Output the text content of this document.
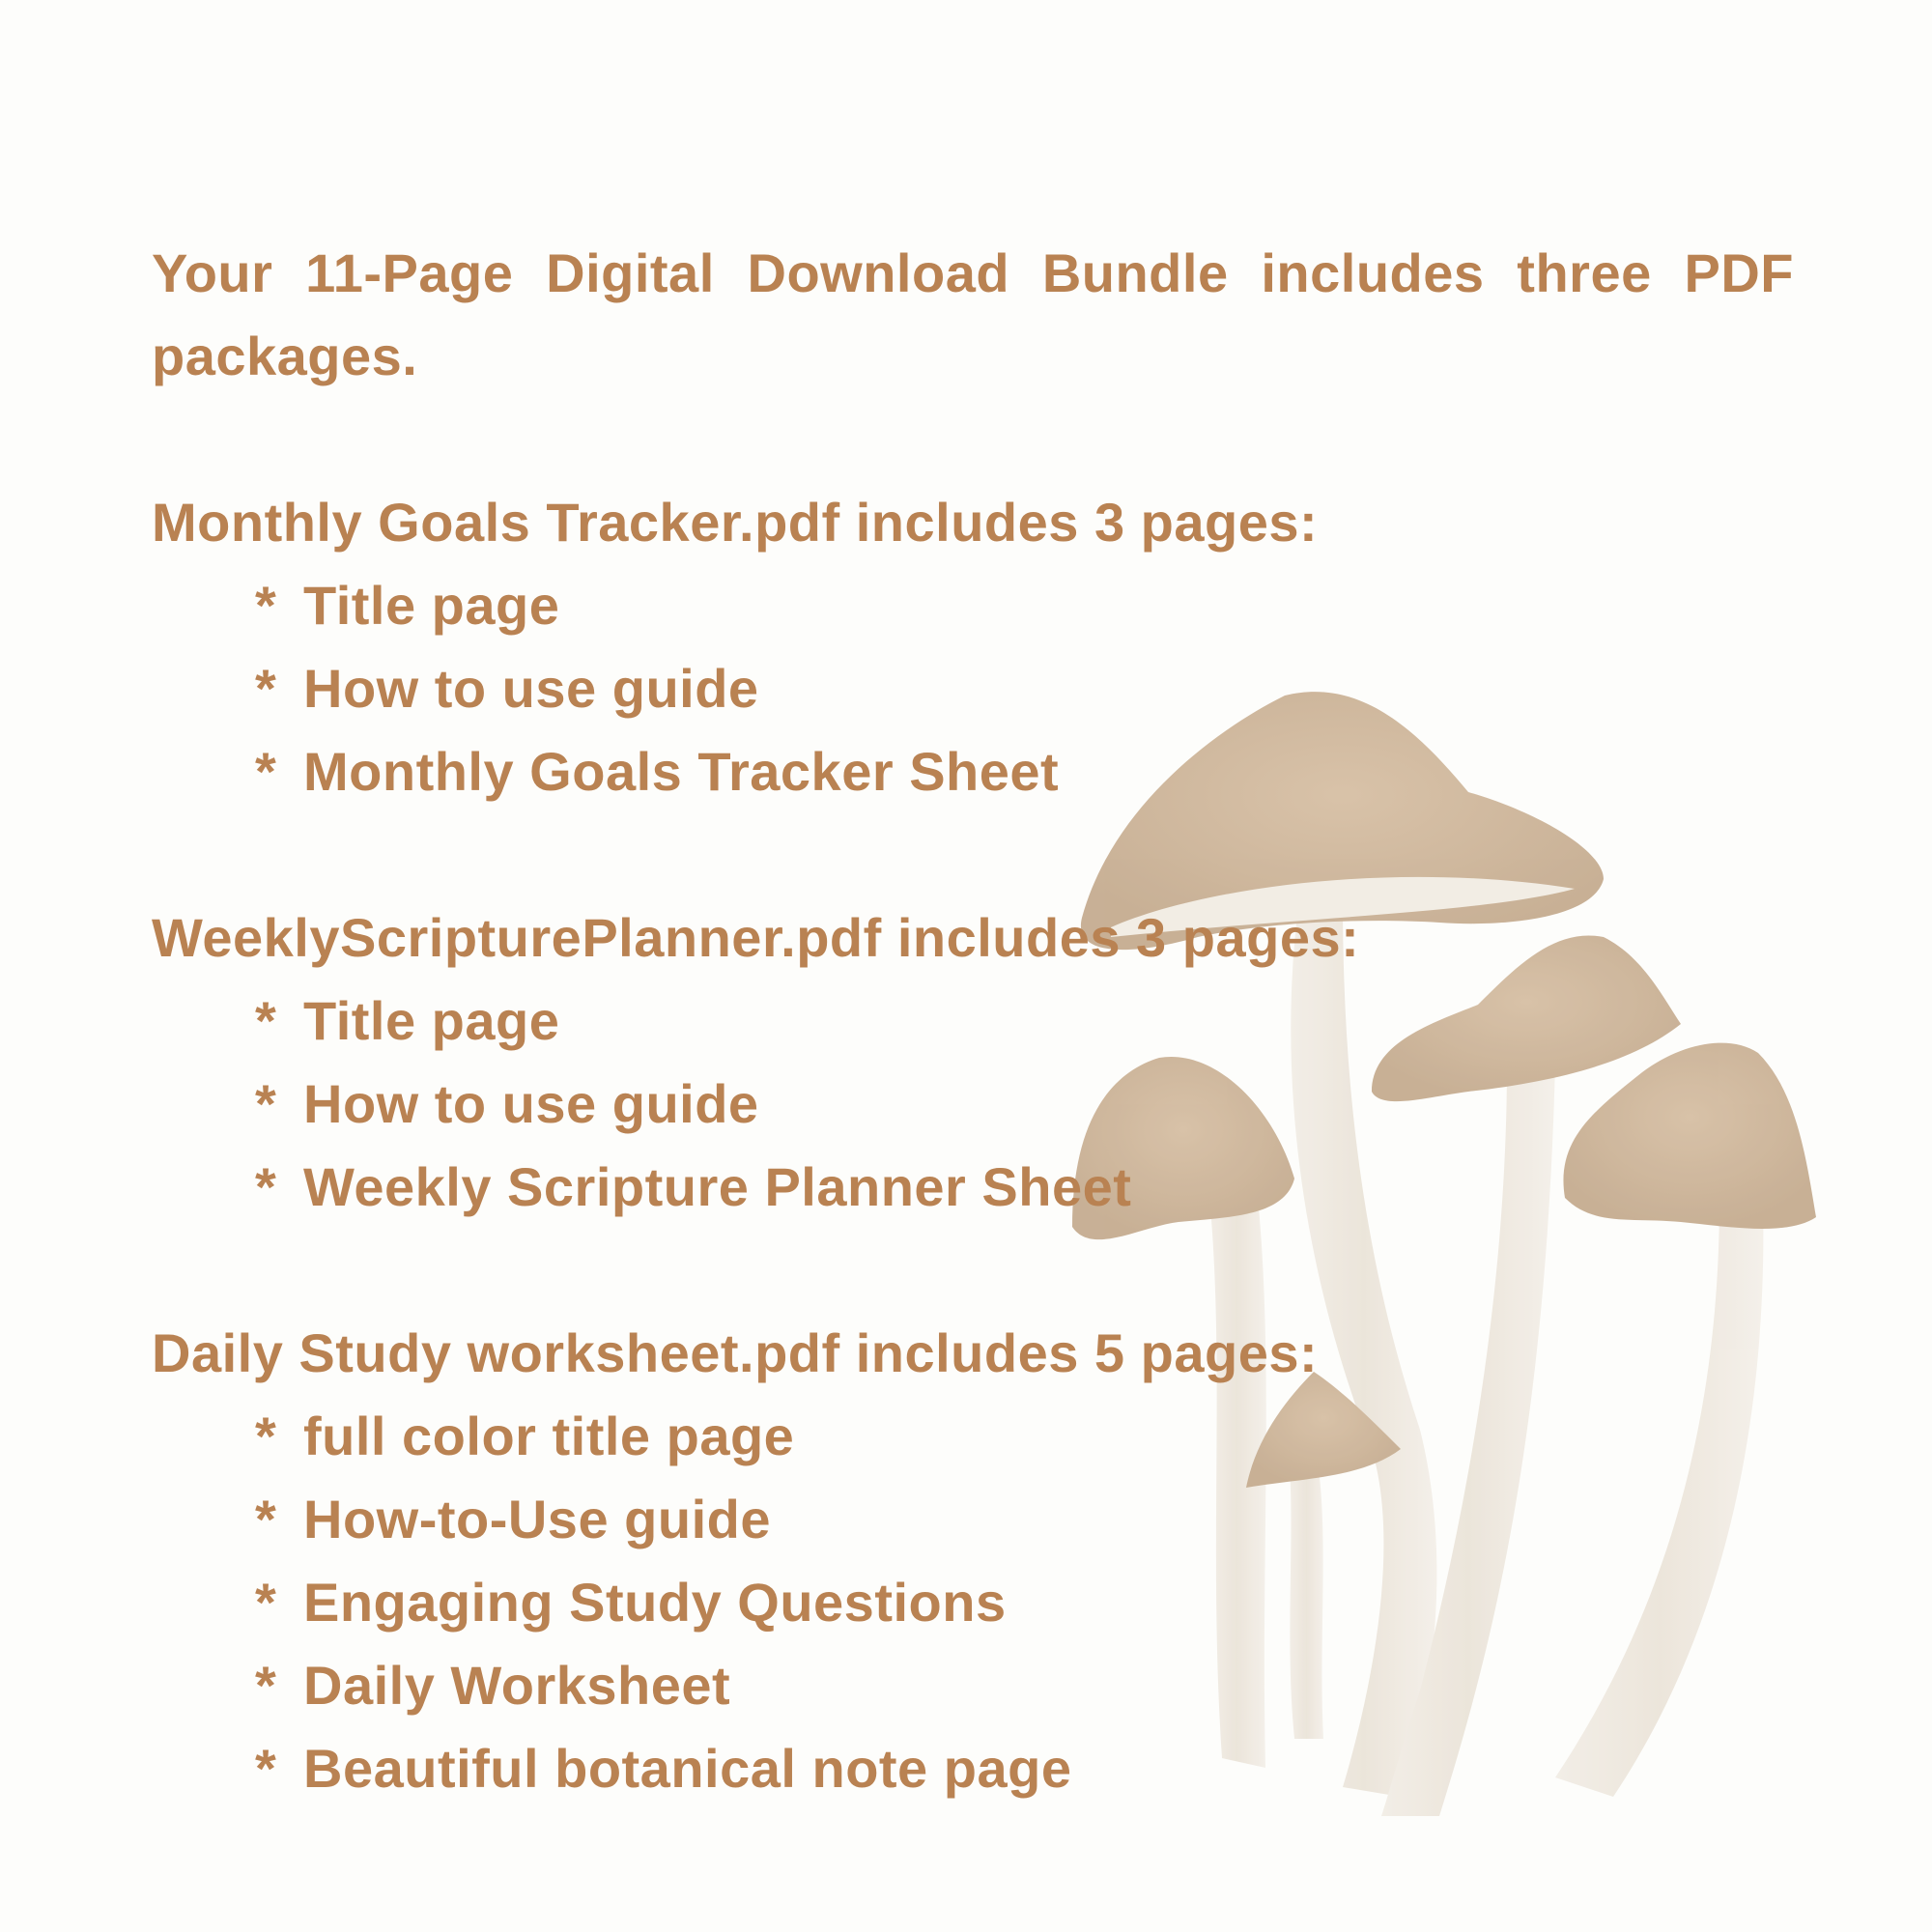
Your 11-Page Digital Download Bundle includes three PDF packages.

Monthly Goals Tracker.pdf includes 3 pages:
* Title page
* How to use guide
* Monthly Goals Tracker Sheet
WeeklyScripturePlanner.pdf includes 3 pages:
* Title page
* How to use guide
* Weekly Scripture Planner Sheet
Daily Study worksheet.pdf includes 5 pages:
* full color title page
* How-to-Use guide
* Engaging Study Questions
* Daily Worksheet
* Beautiful botanical note page
